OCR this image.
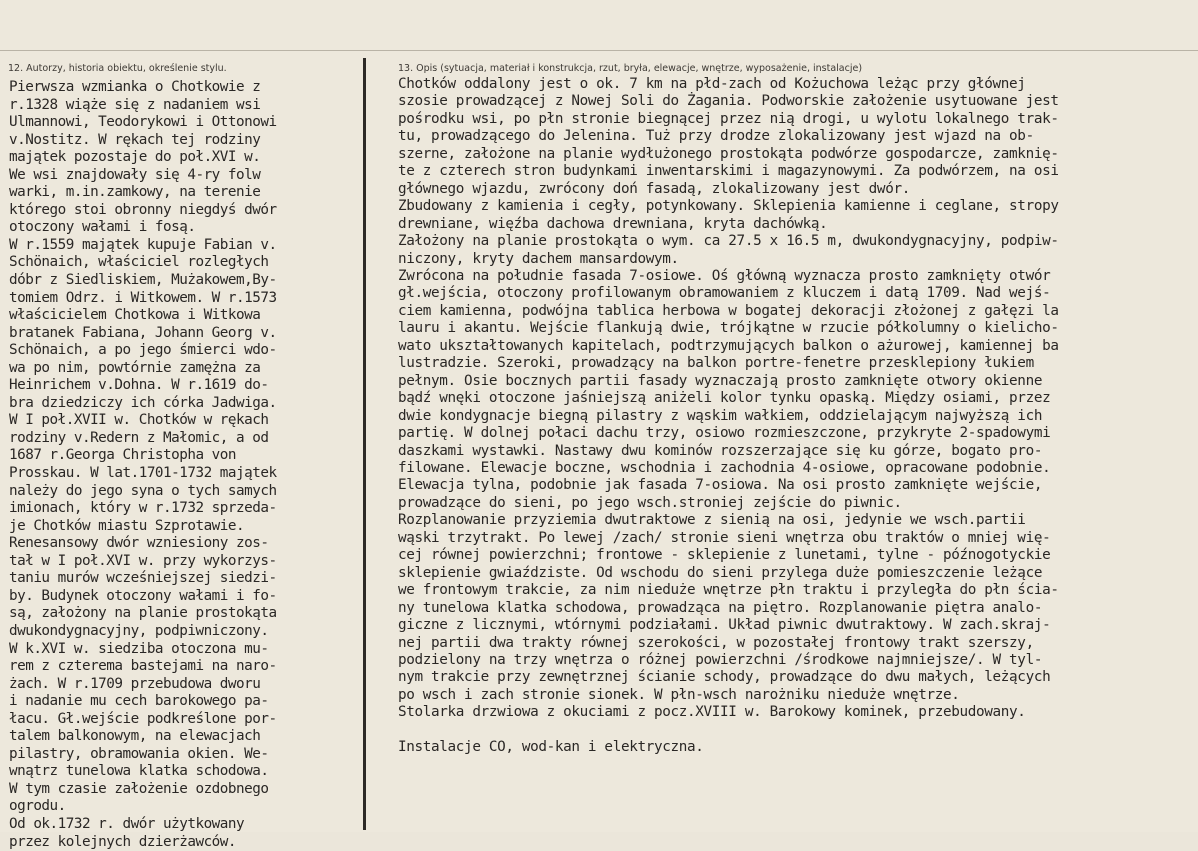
12. Autorzy, historia obiektu, określenie stylu.	13. Opis (sytuacja, materiał i konstrukcja, rzut, bryła, elewacje, wnętrze, wyposażenie, instalacje)
Pierwsza wzmianka o Chotkowie z
r.1328 wiąże się z nadaniem wsi
Ulmannowi, Teodorykowi i Ottonowi
v.Nostitz. W rękach tej rodziny
majątek pozostaje do poł.XVI w.
We wsi znajdowały się 4-ry folw
warki, m.in.zamkowy, na terenie
którego stoi obronny niegdyś dwór
otoczony wałami i fosą.
W r.1559 majątek kupuje Fabian v.
Schönaich, właściciel rozległych
dóbr z Siedliskiem, Mużakowem,By-
tomiem Odrz. i Witkowem. W r.1573
właścicielem Chotkowa i Witkowa
bratanek Fabiana, Johann Georg v.
Schönaich, a po jego śmierci wdo-
wa po nim, powtórnie zamężna za
Heinrichem v.Dohna. W r.1619 do-
bra dziedziczy ich córka Jadwiga.
W I poł.XVII w. Chotków w rękach
rodziny v.Redern z Małomic, a od
1687 r.Georga Christopha von
Prosskau. W lat.1701-1732 majątek
należy do jego syna o tych samych
imionach, który w r.1732 sprzeda-
je Chotków miastu Szprotawie.
Renesansowy dwór wzniesiony zos-
tał w I poł.XVI w. przy wykorzys-
taniu murów wcześniejszej siedzi-
by. Budynek otoczony wałami i fo-
są, założony na planie prostokąta
dwukondygnacyjny, podpiwniczony.
W k.XVI w. siedziba otoczona mu-
rem z czterema bastejami na naro-
żach. W r.1709 przebudowa dworu
i nadanie mu cech barokowego pa-
łacu. Gł.wejście podkreślone por-
talem balkonowym, na elewacjach
pilastry, obramowania okien. We-
wnątrz tunelowa klatka schodowa.
W tym czasie założenie ozdobnego
ogrodu.
Od ok.1732 r. dwór użytkowany
przez kolejnych dzierżawców.
Chotków oddalony jest o ok. 7 km na płd-zach od Kożuchowa leżąc przy głównej
szosie prowadzącej z Nowej Soli do Żagania. Podworskie założenie usytuowane jest
pośrodku wsi, po płn stronie biegnącej przez nią drogi, u wylotu lokalnego trak-
tu, prowadzącego do Jelenina. Tuż przy drodze zlokalizowany jest wjazd na ob-
szerne, założone na planie wydłużonego prostokąta podwórze gospodarcze, zamknię-
te z czterech stron budynkami inwentarskimi i magazynowymi. Za podwórzem, na osi
głównego wjazdu, zwrócony doń fasadą, zlokalizowany jest dwór.
Zbudowany z kamienia i cegły, potynkowany. Sklepienia kamienne i ceglane, stropy
drewniane, więźba dachowa drewniana, kryta dachówką.
Założony na planie prostokąta o wym. ca 27.5 x 16.5 m, dwukondygnacyjny, podpiw-
niczony, kryty dachem mansardowym.
Zwrócona na południe fasada 7-osiowe. Oś główną wyznacza prosto zamknięty otwór
gł.wejścia, otoczony profilowanym obramowaniem z kluczem i datą 1709. Nad wejś-
ciem kamienna, podwójna tablica herbowa w bogatej dekoracji złożonej z gałęzi la
lauru i akantu. Wejście flankują dwie, trójkątne w rzucie półkolumny o kielicho-
wato ukształtowanych kapitelach, podtrzymujących balkon o ażurowej, kamiennej ba
lustradzie. Szeroki, prowadzący na balkon portre-fenetre przesklepiony łukiem
pełnym. Osie bocznych partii fasady wyznaczają prosto zamknięte otwory okienne
bądź wnęki otoczone jaśniejszą aniżeli kolor tynku opaską. Między osiami, przez
dwie kondygnacje biegną pilastry z wąskim wałkiem, oddzielającym najwyższą ich
partię. W dolnej połaci dachu trzy, osiowo rozmieszczone, przykryte 2-spadowymi
daszkami wystawki. Nastawy dwu kominów rozszerzające się ku górze, bogato pro-
filowane. Elewacje boczne, wschodnia i zachodnia 4-osiowe, opracowane podobnie.
Elewacja tylna, podobnie jak fasada 7-osiowa. Na osi prosto zamknięte wejście,
prowadzące do sieni, po jego wsch.stroniej zejście do piwnic.
Rozplanowanie przyziemia dwutraktowe z sienią na osi, jedynie we wsch.partii
wąski trzytrakt. Po lewej /zach/ stronie sieni wnętrza obu traktów o mniej wię-
cej równej powierzchni; frontowe - sklepienie z lunetami, tylne - późnogotyckie
sklepienie gwiaździste. Od wschodu do sieni przylega duże pomieszczenie leżące
we frontowym trakcie, za nim nieduże wnętrze płn traktu i przyległa do płn ścia-
ny tunelowa klatka schodowa, prowadząca na piętro. Rozplanowanie piętra analo-
giczne z licznymi, wtórnymi podziałami. Układ piwnic dwutraktowy. W zach.skraj-
nej partii dwa trakty równej szerokości, w pozostałej frontowy trakt szerszy,
podzielony na trzy wnętrza o różnej powierzchni /środkowe najmniejsze/. W tyl-
nym trakcie przy zewnętrznej ścianie schody, prowadzące do dwu małych, leżących
po wsch i zach stronie sionek. W płn-wsch narożniku nieduże wnętrze.
Stolarka drzwiowa z okuciami z pocz.XVIII w. Barokowy kominek, przebudowany.
Instalacje CO, wod-kan i elektryczna.
